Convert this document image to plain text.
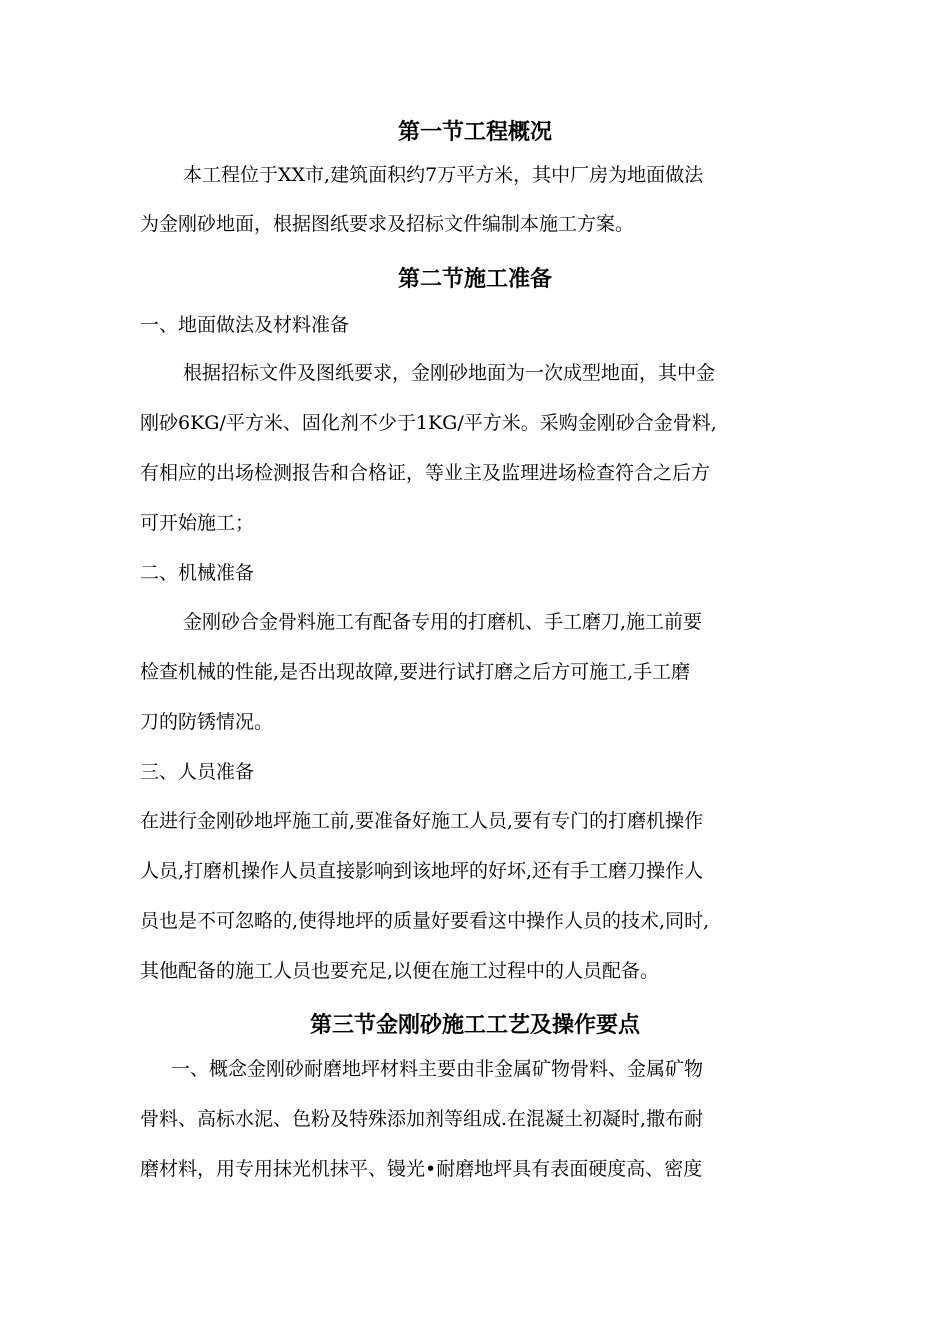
第一节工程概况
本工程位于XX市,建筑面积约7万平方米，其中厂房为地面做法
为金刚砂地面，根据图纸要求及招标文件编制本施工方案。
第二节施工准备
一、地面做法及材料准备
根据招标文件及图纸要求，金刚砂地面为一次成型地面，其中金
刚砂6KG/平方米、固化剂不少于1KG/平方米。采购金刚砂合金骨料,
有相应的出场检测报告和合格证，等业主及监理进场检查符合之后方
可开始施工；
二、机械准备
金刚砂合金骨料施工有配备专用的打磨机、手工磨刀,施工前要
检查机械的性能,是否出现故障,要进行试打磨之后方可施工,手工磨
刀的防锈情况。
三、人员准备
在进行金刚砂地坪施工前,要准备好施工人员,要有专门的打磨机操作
人员,打磨机操作人员直接影响到该地坪的好坏,还有手工磨刀操作人
员也是不可忽略的,使得地坪的质量好要看这中操作人员的技术,同时,
其他配备的施工人员也要充足,以便在施工过程中的人员配备。
第三节金刚砂施工工艺及操作要点
一、概念金刚砂耐磨地坪材料主要由非金属矿物骨料、金属矿物
骨料、高标水泥、色粉及特殊添加剂等组成.在混凝土初凝时,撒布耐
磨材料，用专用抹光机抹平、镘光•耐磨地坪具有表面硬度高、密度
